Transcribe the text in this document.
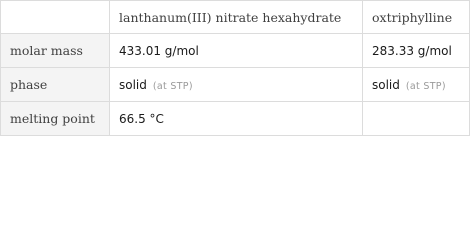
	lanthanum(III) nitrate hexahydrate	oxtriphylline
molar mass	433.01 g/mol	283.33 g/mol
phase	solid (at STP)	solid (at STP)
melting point	66.5 °C	
